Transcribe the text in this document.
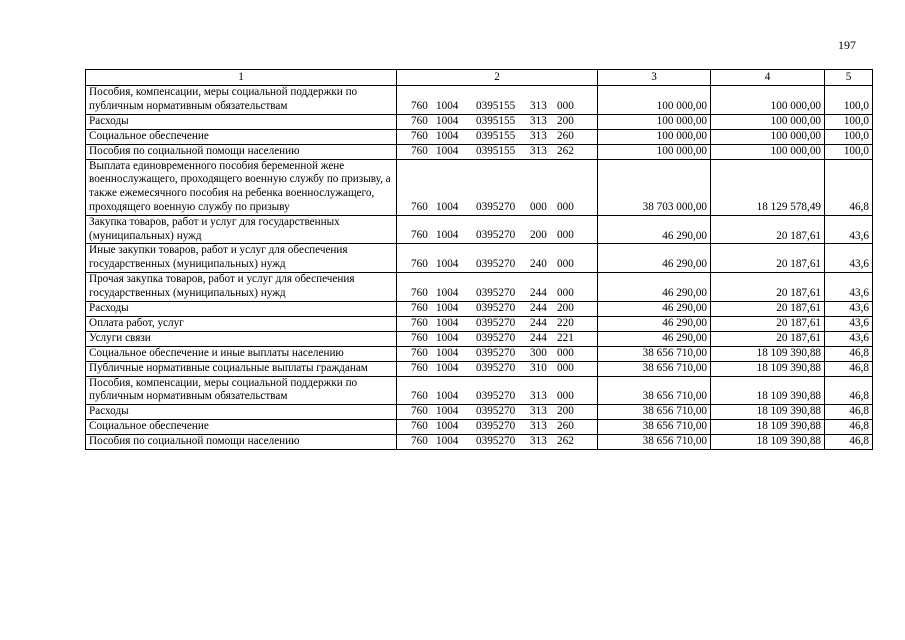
197
1	2	3	4	5
Пособия, компенсации, меры социальной поддержки по публичным нормативным обязательствам	760 1004 0395155 313 000	100 000,00	100 000,00	100,0
Расходы	760 1004 0395155 313 200	100 000,00	100 000,00	100,0
Социальное обеспечение	760 1004 0395155 313 260	100 000,00	100 000,00	100,0
Пособия по социальной помощи населению	760 1004 0395155 313 262	100 000,00	100 000,00	100,0
Выплата единовременного пособия беременной жене военнослужащего, проходящего военную службу по призыву, а также ежемесячного пособия на ребенка военнослужащего, проходящего военную службу по призыву	760 1004 0395270 000 000	38 703 000,00	18 129 578,49	46,8
Закупка товаров, работ и услуг для государственных (муниципальных) нужд	760 1004 0395270 200 000	46 290,00	20 187,61	43,6
Иные закупки товаров, работ и услуг для обеспечения государственных (муниципальных) нужд	760 1004 0395270 240 000	46 290,00	20 187,61	43,6
Прочая закупка товаров, работ и услуг для обеспечения государственных (муниципальных) нужд	760 1004 0395270 244 000	46 290,00	20 187,61	43,6
Расходы	760 1004 0395270 244 200	46 290,00	20 187,61	43,6
Оплата работ, услуг	760 1004 0395270 244 220	46 290,00	20 187,61	43,6
Услуги связи	760 1004 0395270 244 221	46 290,00	20 187,61	43,6
Социальное обеспечение и иные выплаты населению	760 1004 0395270 300 000	38 656 710,00	18 109 390,88	46,8
Публичные нормативные социальные выплаты гражданам	760 1004 0395270 310 000	38 656 710,00	18 109 390,88	46,8
Пособия, компенсации, меры социальной поддержки по публичным нормативным обязательствам	760 1004 0395270 313 000	38 656 710,00	18 109 390,88	46,8
Расходы	760 1004 0395270 313 200	38 656 710,00	18 109 390,88	46,8
Социальное обеспечение	760 1004 0395270 313 260	38 656 710,00	18 109 390,88	46,8
Пособия по социальной помощи населению	760 1004 0395270 313 262	38 656 710,00	18 109 390,88	46,8
